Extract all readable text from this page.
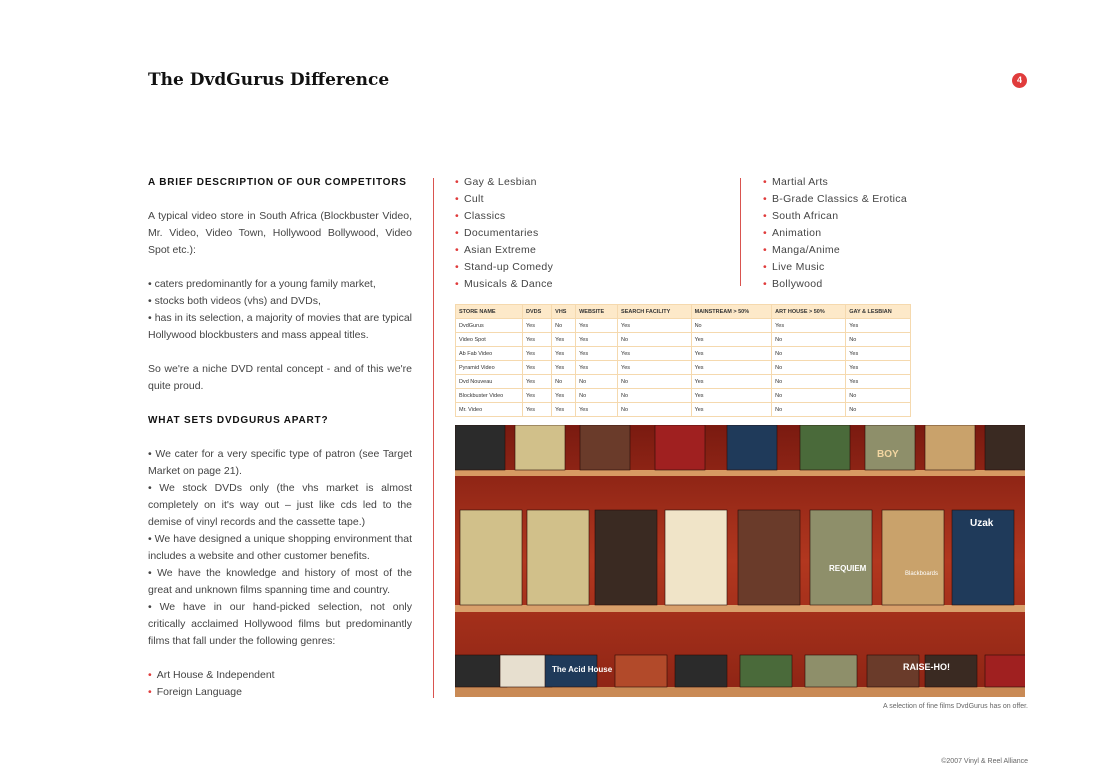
The DvdGurus Difference	4
A BRIEF DESCRIPTION OF OUR COMPETITORS

A typical video store in South Africa (Blockbuster Video, Mr. Video, Video Town, Hollywood Bollywood, Video Spot etc.):

• caters predominantly for a young family market,
• stocks both videos (vhs) and DVDs,
• has in its selection, a majority of movies that are typical Hollywood blockbusters and mass appeal titles.

So we're a niche DVD rental concept - and of this we're quite proud.

WHAT SETS DVDGURUS APART?
• We cater for a very specific type of patron (see Target Market on page 21).
• We stock DVDs only (the vhs market is almost completely on it's way out – just like cds led to the demise of vinyl records and the cassette tape.)
• We have designed a unique shopping environment that includes a website and other customer benefits.
• We have the knowledge and history of most of the great and unknown films spanning time and country.
• We have in our hand-picked selection, not only critically acclaimed Hollywood films but predominantly films that fall under the following genres:
• Art House & Independent
• Foreign Language
• Gay & Lesbian
• Cult
• Classics
• Documentaries
• Asian Extreme
• Stand-up Comedy
• Musicals & Dance
• Martial Arts
• B-Grade Classics & Erotica
• South African
• Animation
• Manga/Anime
• Live Music
• Bollywood
STORE NAME	DVDS	VHS	WEBSITE	SEARCH FACILITY	MAINSTREAM > 50%	ART HOUSE > 50%	GAY & LESBIAN
DvdGurus	Yes	No	Yes	Yes	No	Yes	Yes
Video Spot	Yes	Yes	Yes	No	Yes	No	No
Ab Fab Video	Yes	Yes	Yes	Yes	Yes	No	Yes
Pyramid Video	Yes	Yes	Yes	Yes	Yes	No	Yes
Dvd Nouveau	Yes	No	No	No	Yes	No	Yes
Blockbuster Video	Yes	Yes	No	No	Yes	No	No
Mr. Video	Yes	Yes	Yes	No	Yes	No	No
Uzak
REQUIEM
The Acid House
BOY
RAISE-HO!
Blackboards
A selection of fine films DvdGurus has on offer.
©2007 Vinyl & Reel Alliance
